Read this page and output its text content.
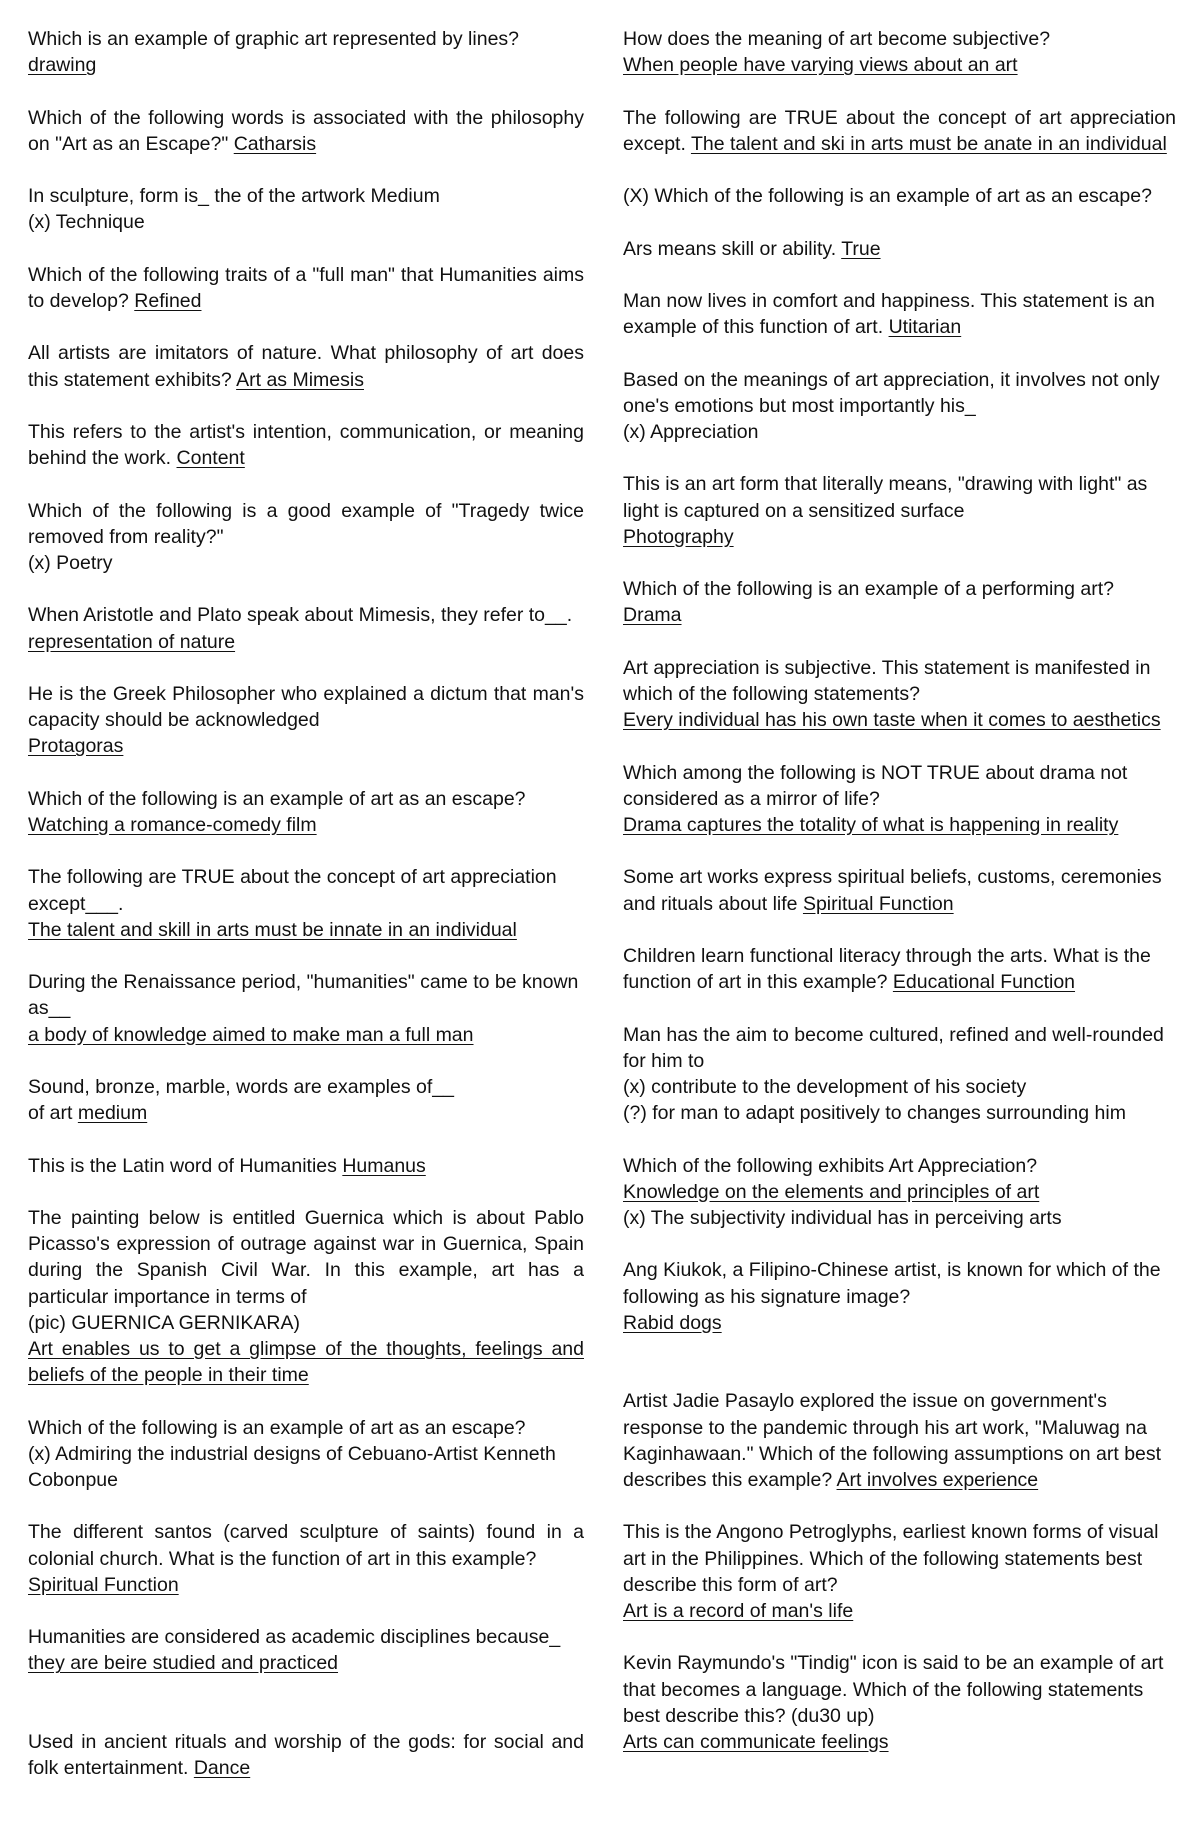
Which is an example of graphic art represented by lines?
drawing
Which of the following words is associated with the philosophy on "Art as an Escape?" Catharsis
In sculpture, form is_ the of the artwork Medium
(x) Technique
Which of the following traits of a "full man" that Humanities aims to develop? Refined
All artists are imitators of nature. What philosophy of art does this statement exhibits? Art as Mimesis
This refers to the artist's intention, communication, or meaning behind the work. Content
Which of the following is a good example of "Tragedy twice removed from reality?"
(x) Poetry
When Aristotle and Plato speak about Mimesis, they refer to__.
representation of nature
He is the Greek Philosopher who explained a dictum that man's capacity should be acknowledged
Protagoras
Which of the following is an example of art as an escape?
Watching a romance-comedy film
The following are TRUE about the concept of art appreciation except___.
The talent and skill in arts must be innate in an individual
During the Renaissance period, "humanities" came to be known as__
a body of knowledge aimed to make man a full man
Sound, bronze, marble, words are examples of__
of art medium
This is the Latin word of Humanities Humanus
The painting below is entitled Guernica which is about Pablo Picasso's expression of outrage against war in Guernica, Spain during the Spanish Civil War. In this example, art has a particular importance in terms of
(pic) GUERNICA GERNIKARA)
Art enables us to get a glimpse of the thoughts, feelings and beliefs of the people in their time
Which of the following is an example of art as an escape?
(x) Admiring the industrial designs of Cebuano-Artist Kenneth Cobonpue
The different santos (carved sculpture of saints) found in a colonial church. What is the function of art in this example?
Spiritual Function
Humanities are considered as academic disciplines because_
they are beire studied and practiced
Used in ancient rituals and worship of the gods: for social and folk entertainment. Dance
How does the meaning of art become subjective?
When people have varying views about an art
The following are TRUE about the concept of art appreciation except. The talent and ski in arts must be anate in an individual
(X) Which of the following is an example of art as an escape?
Ars means skill or ability. True
Man now lives in comfort and happiness. This statement is an example of this function of art. Utitarian
Based on the meanings of art appreciation, it involves not only one's emotions but most importantly his_
(x) Appreciation
This is an art form that literally means, "drawing with light" as light is captured on a sensitized surface
Photography
Which of the following is an example of a performing art?
Drama
Art appreciation is subjective. This statement is manifested in which of the following statements?
Every individual has his own taste when it comes to aesthetics
Which among the following is NOT TRUE about drama not considered as a mirror of life?
Drama captures the totality of what is happening in reality
Some art works express spiritual beliefs, customs, ceremonies and rituals about life Spiritual Function
Children learn functional literacy through the arts. What is the function of art in this example? Educational Function
Man has the aim to become cultured, refined and well-rounded for him to
(x) contribute to the development of his society
(?) for man to adapt positively to changes surrounding him
Which of the following exhibits Art Appreciation?
Knowledge on the elements and principles of art
(x) The subjectivity individual has in perceiving arts
Ang Kiukok, a Filipino-Chinese artist, is known for which of the following as his signature image?
Rabid dogs
Artist Jadie Pasaylo explored the issue on government's response to the pandemic through his art work, "Maluwag na Kaginhawaan." Which of the following assumptions on art best describes this example? Art involves experience
This is the Angono Petroglyphs, earliest known forms of visual art in the Philippines. Which of the following statements best describe this form of art?
Art is a record of man's life
Kevin Raymundo's "Tindig" icon is said to be an example of art that becomes a language. Which of the following statements best describe this? (du30 up)
Arts can communicate feelings
